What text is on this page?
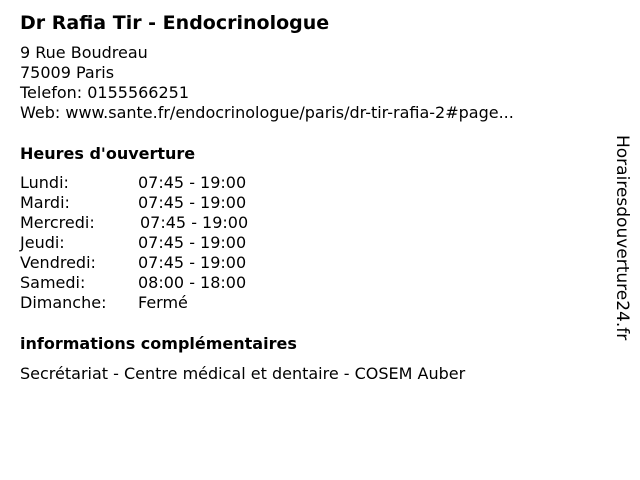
Dr Rafia Tir - Endocrinologue
9 Rue Boudreau
75009 Paris
Telefon: 0155566251
Web: www.sante.fr/endocrinologue/paris/dr-tir-rafia-2#page...
Heures d'ouverture
Lundi:	07:45 - 19:00
Mardi:	07:45 - 19:00
Mercredi:	07:45 - 19:00
Jeudi:	07:45 - 19:00
Vendredi:	07:45 - 19:00
Samedi:	08:00 - 18:00
Dimanche: Fermé
informations complémentaires
Secrétariat - Centre médical et dentaire - COSEM Auber
Horairesdouverture24.fr
